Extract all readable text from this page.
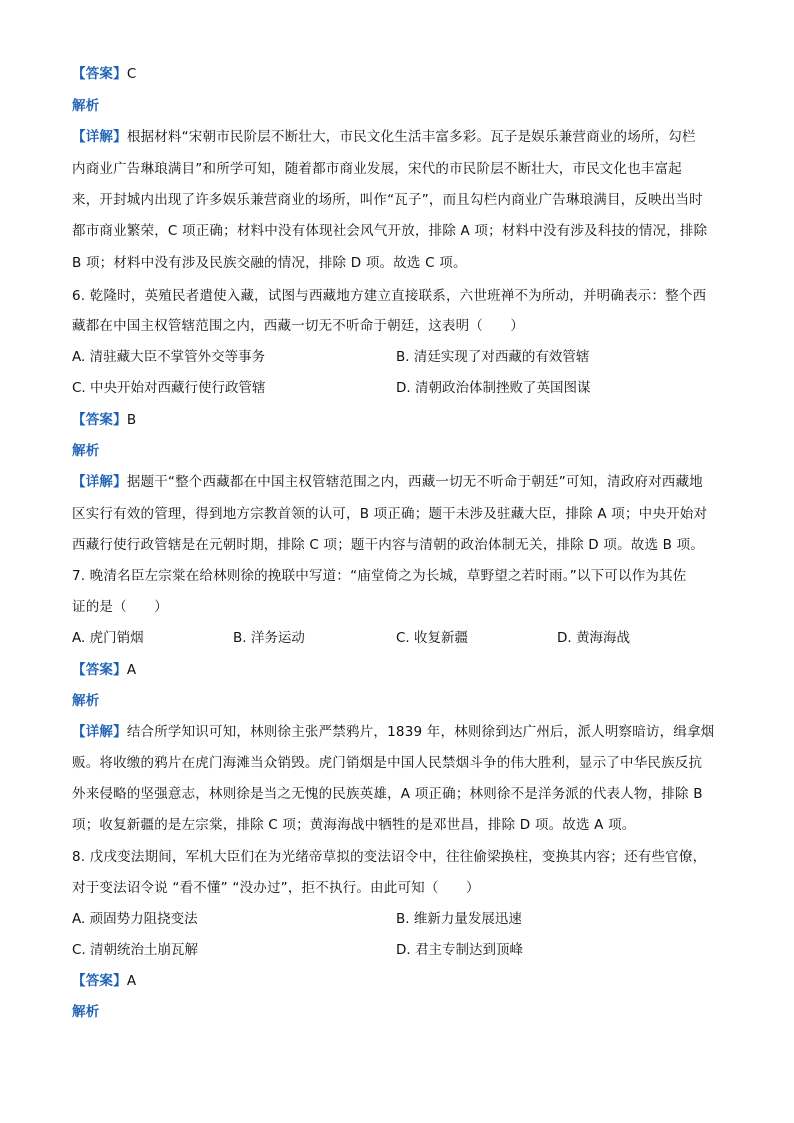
【答案】C
解析
【详解】根据材料“宋朝市民阶层不断壮大，市民文化生活丰富多彩。瓦子是娱乐兼营商业的场所，勾栏
内商业广告琳琅满目”和所学可知，随着都市商业发展，宋代的市民阶层不断壮大，市民文化也丰富起
来，开封城内出现了许多娱乐兼营商业的场所，叫作“瓦子”，而且勾栏内商业广告琳琅满目，反映出当时
都市商业繁荣，C 项正确；材料中没有体现社会风气开放，排除 A 项；材料中没有涉及科技的情况，排除
B 项；材料中没有涉及民族交融的情况，排除 D 项。故选 C 项。
6. 乾隆时，英殖民者遣使入藏，试图与西藏地方建立直接联系，六世班禅不为所动，并明确表示：整个西
藏都在中国主权管辖范围之内，西藏一切无不听命于朝廷，这表明（　　）
A. 清驻藏大臣不掌管外交等事务	B. 清廷实现了对西藏的有效管辖
C. 中央开始对西藏行使行政管辖	D. 清朝政治体制挫败了英国图谋
【答案】B
解析
【详解】据题干“整个西藏都在中国主权管辖范围之内，西藏一切无不听命于朝廷”可知，清政府对西藏地
区实行有效的管理，得到地方宗教首领的认可，B 项正确；题干未涉及驻藏大臣，排除 A 项；中央开始对
西藏行使行政管辖是在元朝时期，排除 C 项；题干内容与清朝的政治体制无关，排除 D 项。故选 B 项。
7. 晚清名臣左宗棠在给林则徐的挽联中写道：“庙堂倚之为长城，草野望之若时雨。”以下可以作为其佐
证的是（　　）
A. 虎门销烟	B. 洋务运动	C. 收复新疆	D. 黄海海战
【答案】A
解析
【详解】结合所学知识可知，林则徐主张严禁鸦片，1839 年，林则徐到达广州后，派人明察暗访，缉拿烟
贩。将收缴的鸦片在虎门海滩当众销毁。虎门销烟是中国人民禁烟斗争的伟大胜利，显示了中华民族反抗
外来侵略的坚强意志，林则徐是当之无愧的民族英雄，A 项正确；林则徐不是洋务派的代表人物，排除 B
项；收复新疆的是左宗棠，排除 C 项；黄海海战中牺牲的是邓世昌，排除 D 项。故选 A 项。
8. 戊戌变法期间，军机大臣们在为光绪帝草拟的变法诏令中，往往偷梁换柱，变换其内容；还有些官僚，
对于变法诏令说 “看不懂” “没办过”，拒不执行。由此可知（　　）
A. 顽固势力阻挠变法	B. 维新力量发展迅速
C. 清朝统治土崩瓦解	D. 君主专制达到顶峰
【答案】A
解析
